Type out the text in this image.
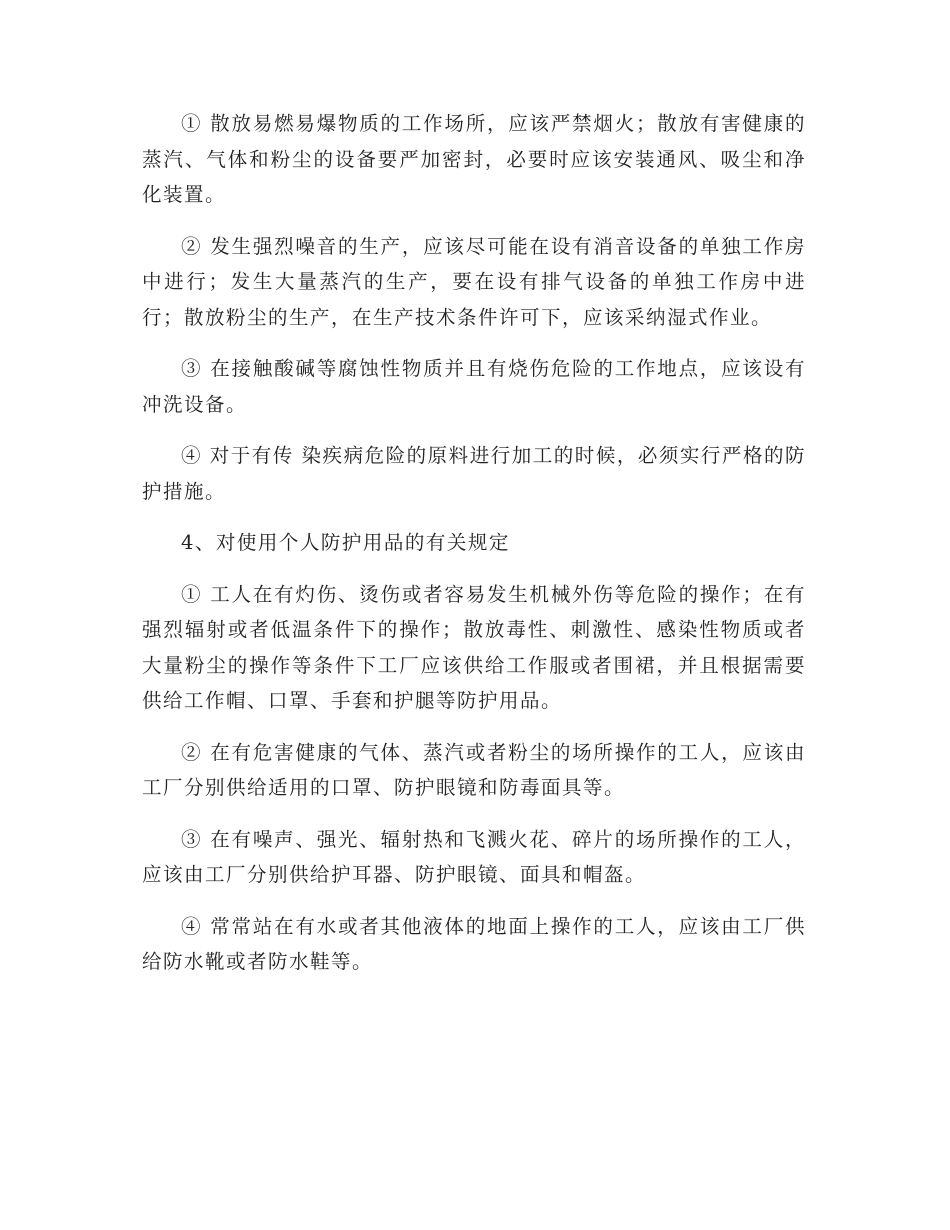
① 散放易燃易爆物质的工作场所，应该严禁烟火；散放有害健康的蒸汽、气体和粉尘的设备要严加密封，必要时应该安装通风、吸尘和净化装置。

② 发生强烈噪音的生产，应该尽可能在设有消音设备的单独工作房中进行；发生大量蒸汽的生产，要在设有排气设备的单独工作房中进行；散放粉尘的生产，在生产技术条件许可下，应该采纳湿式作业。

③ 在接触酸碱等腐蚀性物质并且有烧伤危险的工作地点，应该设有冲洗设备。

④ 对于有传 染疾病危险的原料进行加工的时候，必须实行严格的防护措施。

4、对使用个人防护用品的有关规定

① 工人在有灼伤、烫伤或者容易发生机械外伤等危险的操作；在有强烈辐射或者低温条件下的操作；散放毒性、刺激性、感染性物质或者大量粉尘的操作等条件下工厂应该供给工作服或者围裙，并且根据需要供给工作帽、口罩、手套和护腿等防护用品。

② 在有危害健康的气体、蒸汽或者粉尘的场所操作的工人，应该由工厂分别供给适用的口罩、防护眼镜和防毒面具等。

③ 在有噪声、强光、辐射热和飞溅火花、碎片的场所操作的工人，应该由工厂分别供给护耳器、防护眼镜、面具和帽盔。

④ 常常站在有水或者其他液体的地面上操作的工人，应该由工厂供给防水靴或者防水鞋等。
